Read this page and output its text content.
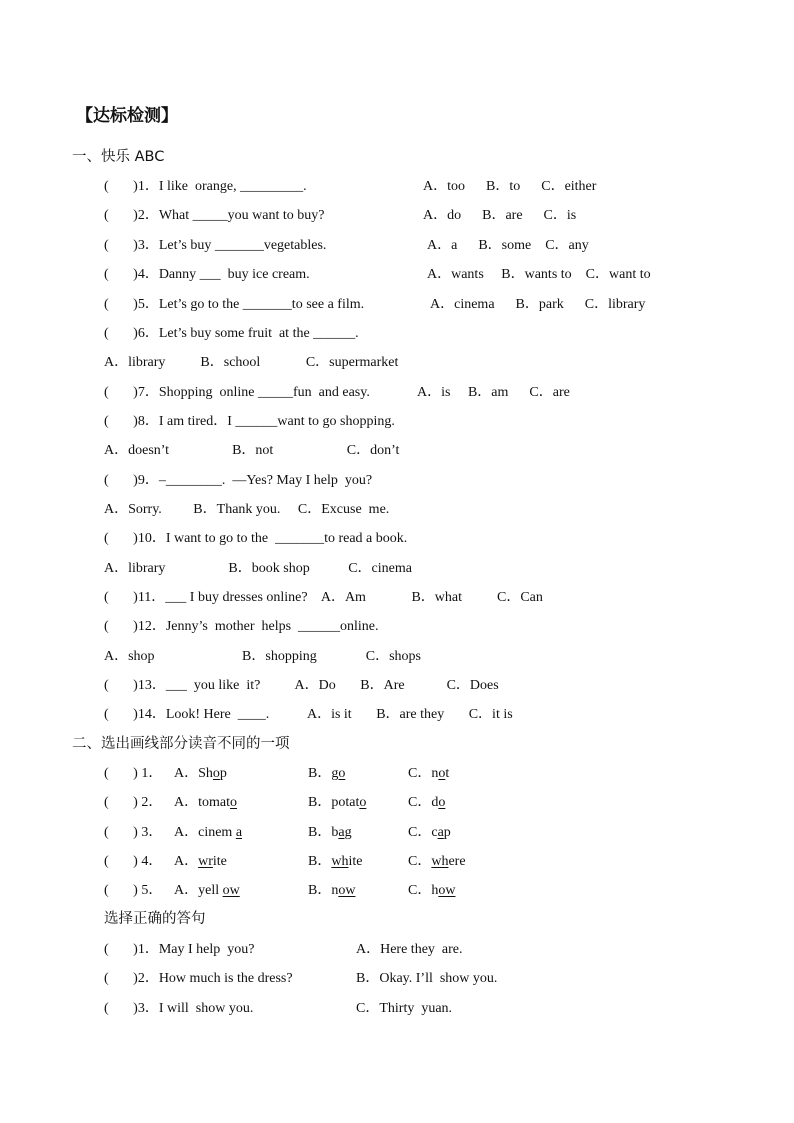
【达标检测】
一、快乐 ABC
(       )1．I like  orange, _________.	A．too      B．to      C．either
(       )2．What _____you want to buy?	A．do      B．are      C．is
(       )3．Let’s buy _______vegetables.	A．a      B．some    C．any
(       )4．Danny ___  buy ice cream.	A．wants     B．wants to    C．want to
(       )5．Let’s go to the _______to see a film.	A．cinema      B．park      C．library
(       )6．Let’s buy some fruit  at the ______.
A．library          B．school             C．supermarket
(       )7．Shopping  online _____fun  and easy.	A．is     B．am      C．are
(       )8．I am tired．I ______want to go shopping.
A．doesn’t                  B．not                     C．don’t
(       )9．–________.  —Yes? May I help  you?
A．Sorry.         B．Thank you.     C．Excuse  me.
(       )10．I want to go to the  _______to read a book.
A．library                  B．book shop           C．cinema
(       )11．___ I buy dresses online?    A．Am             B．what          C．Can
(       )12．Jenny’s  mother  helps  ______online.
A．shop                         B．shopping              C．shops
(       )13．___  you like  it?          A．Do       B．Are            C．Does
(       )14．Look! Here  ____.           A．is it       B．are they       C．it is
二、选出画线部分读音不同的一项
(       ) 1． A．Shop	B．go	C．not
(       ) 2． A．tomato	B．potato	C．do
(       ) 3． A．cinem a	B．bag	C．cap
(       ) 4． A．write	B．white	C．where
(       ) 5． A．yell ow	B．now	C．how
选择正确的答句
(       )1．May I help  you?	A．Here they  are.
(       )2．How much is the dress?	B．Okay. I’ll  show you.
(       )3．I will  show you.	C．Thirty  yuan.
